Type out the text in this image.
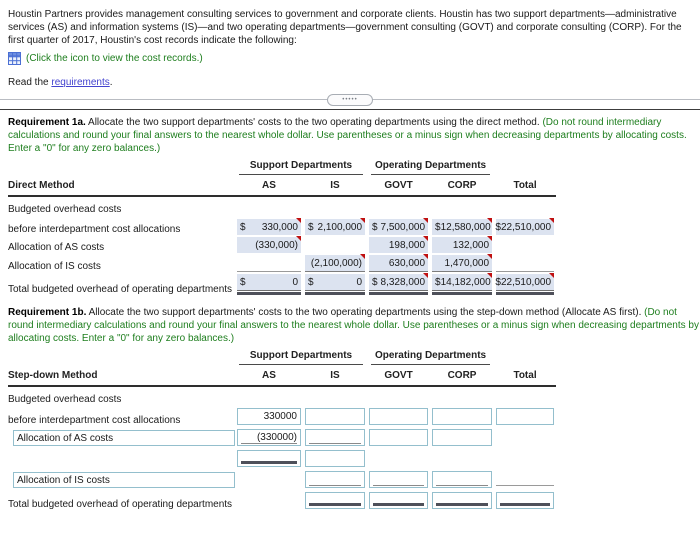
Houstin Partners provides management consulting services to government and corporate clients. Houstin has two support departments—administrative services (AS) and information systems (IS)—and two operating departments—government consulting (GOVT) and corporate consulting (CORP). For the first quarter of 2017, Houstin's cost records indicate the following:
(Click the icon to view the cost records.)
Read the requirements.
•••••
Requirement 1a. Allocate the two support departments' costs to the two operating departments using the direct method. (Do not round intermediary calculations and round your final answers to the nearest whole dollar. Use parentheses or a minus sign when decreasing departments by allocating costs. Enter a "0" for any zero balances.)

	Support Departments		Operating Departments		

Direct Method	AS	IS	GOVT	CORP	Total

Budgeted overhead costs					
before interdepartment cost allocations	$ 330,000	$ 2,100,000	$ 7,500,000	$ 12,580,000	$22,510,000

Allocation of AS costs	(330,000)		198,000	132,000	

Allocation of IS costs		(2,100,000)	630,000	1,470,000	

Total budgeted overhead of operating departments	$ 0	$ 0	$ 8,328,000	$ 14,182,000	$22,510,000
Requirement 1b. Allocate the two support departments' costs to the two operating departments using the step-down method (Allocate AS first). (Do not round intermediary calculations and round your final answers to the nearest whole dollar. Use parentheses or a minus sign when decreasing departments by allocating costs. Enter a "0" for any zero balances.)

	Support Departments		Operating Departments		

Step-down Method	AS	IS	GOVT	CORP	Total

Budgeted overhead costs					
before interdepartment cost allocations	330000				

Allocation of AS costs	(330000)				

Allocation of IS costs					

Total budgeted overhead of operating departments		
